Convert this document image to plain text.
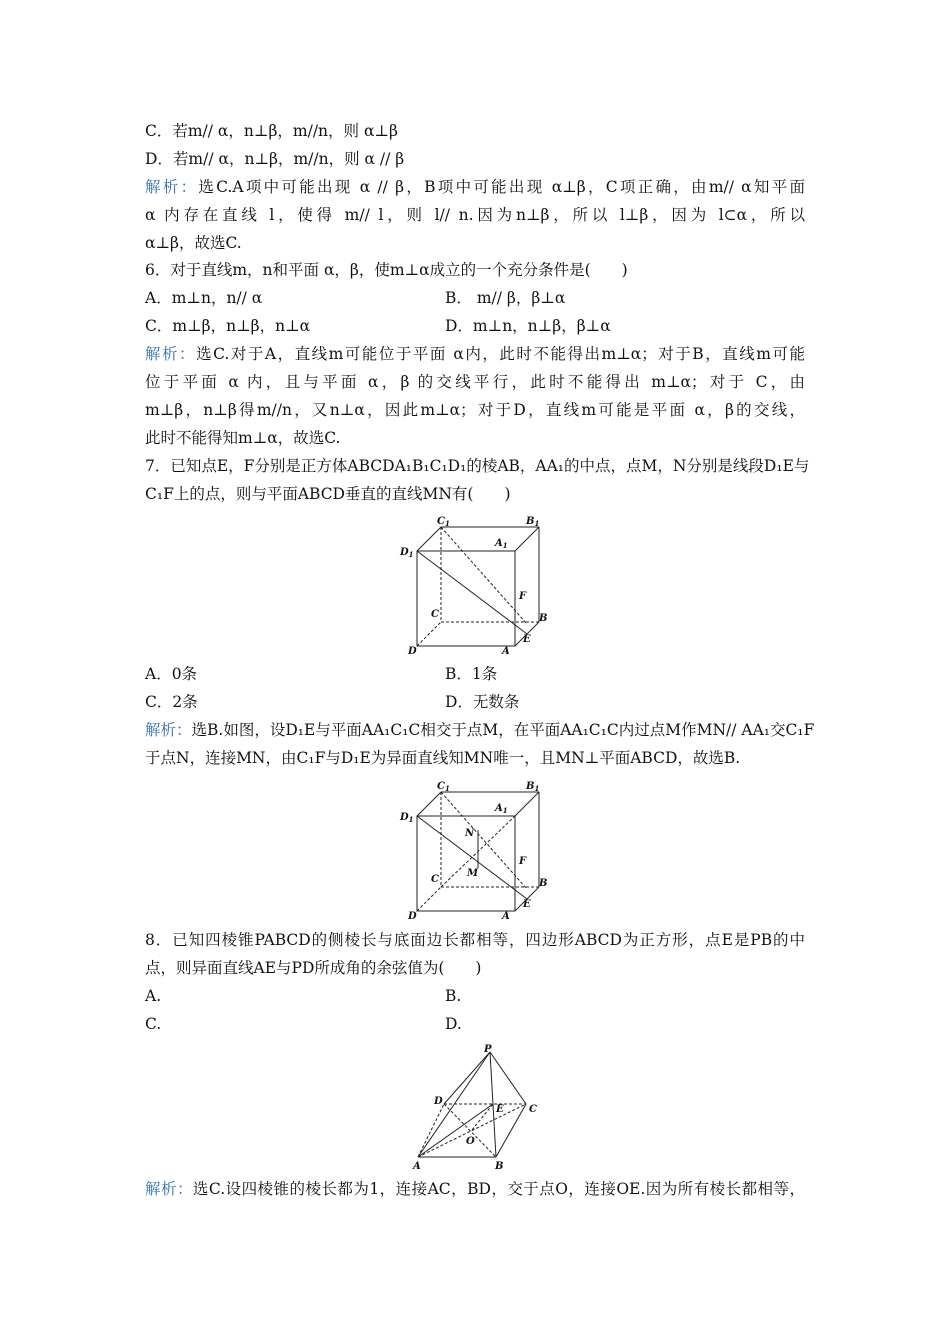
C．若m// α，n⊥β，m//n，则 α⊥β
D．若m// α，n⊥β，m//n，则 α // β
解析：选C.A项中可能出现 α // β，B项中可能出现 α⊥β，C项正确，由m// α知平面
α 内存在直线 l，使得 m// l，则 l// n.因为n⊥β，所以 l⊥β，因为 l⊂α，所以
α⊥β，故选C.
6．对于直线m，n和平面 α，β，使m⊥α成立的一个充分条件是(　　)
A．m⊥n，n// α	B． m// β，β⊥α
C．m⊥β，n⊥β，n⊥α	D．m⊥n，n⊥β，β⊥α
解析：选C.对于A，直线m可能位于平面 α内，此时不能得出m⊥α；对于B，直线m可能
位于平面 α 内，且与平面 α，β 的交线平行，此时不能得出 m⊥α；对于 C，由
m⊥β，n⊥β得m//n，又n⊥α，因此m⊥α；对于D，直线m可能是平面 α，β的交线，
此时不能得知m⊥α，故选C.
7．已知点E，F分别是正方体ABCDA₁B₁C₁D₁的棱AB，AA₁的中点，点M，N分别是线段D₁E与
C₁F上的点，则与平面ABCD垂直的直线MN有(　　)
$C_1$	$B_1$
$A_1$
$D_1$
F
C	B
E
D	A
A．0条	B．1条
C．2条	D．无数条
解析：选B.如图，设D₁E与平面AA₁C₁C相交于点M，在平面AA₁C₁C内过点M作MN// AA₁交C₁F
于点N，连接MN，由C₁F与D₁E为异面直线知MN唯一，且MN⊥平面ABCD，故选B.
$C_1$	$B_1$
$A_1$
$D_1$
N
F
C
M
B
E
D	A
8．已知四棱锥PABCD的侧棱长与底面边长都相等，四边形ABCD为正方形，点E是PB的中
点，则异面直线AE与PD所成角的余弦值为(　　)
A.	B.
C.	D.
P
D
E	C
O
A	B
解析：选C.设四棱锥的棱长都为1，连接AC，BD，交于点O，连接OE.因为所有棱长都相等，
